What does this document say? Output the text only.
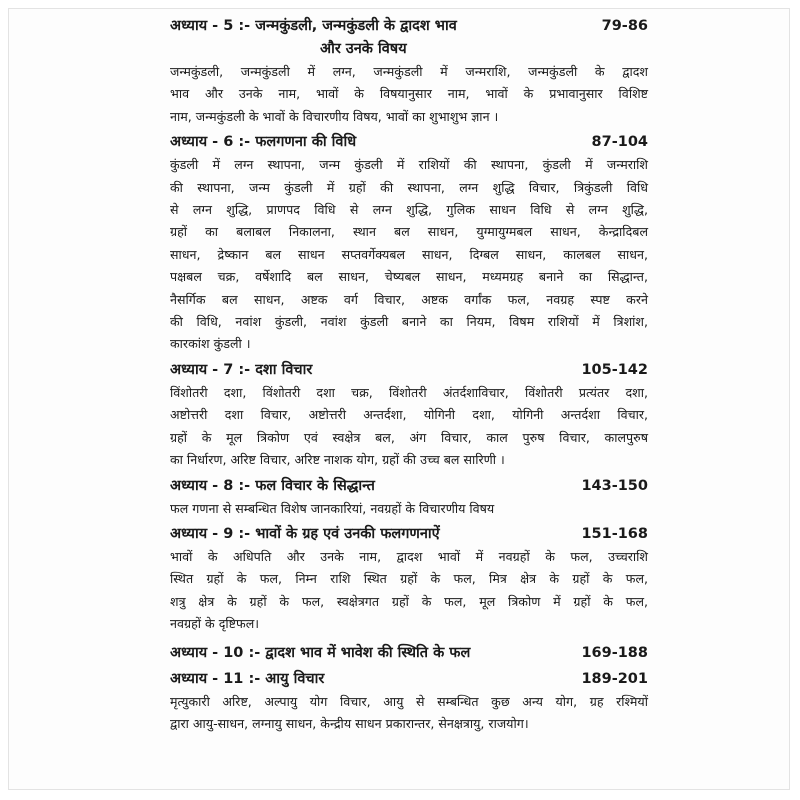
अध्याय - 5 :- जन्मकुंडली, जन्मकुंडली के द्वादश भाव	79-86
और उनके विषय
जन्मकुंडली, जन्मकुंडली में लग्न, जन्मकुंडली में जन्मराशि, जन्मकुंडली के द्वादश
भाव और उनके नाम, भावों के विषयानुसार नाम, भावों के प्रभावानुसार विशिष्ट
नाम, जन्मकुंडली के भावों के विचारणीय विषय, भावों का शुभाशुभ ज्ञान ।
अध्याय - 6 :- फलगणना की विधि	87-104
कुंडली में लग्न स्थापना, जन्म कुंडली में राशियों की स्थापना, कुंडली में जन्मराशि
की स्थापना, जन्म कुंडली में ग्रहों की स्थापना, लग्न शुद्धि विचार, त्रिकुंडली विधि
से लग्न शुद्धि, प्राणपद विधि से लग्न शुद्धि, गुलिक साधन विधि से लग्न शुद्धि,
ग्रहों का बलाबल निकालना, स्थान बल साधन, युग्मायुग्मबल साधन, केन्द्रादिबल
साधन, द्रेष्कान बल साधन सप्तवर्गेक्यबल साधन, दिग्बल साधन, कालबल साधन,
पक्षबल चक्र, वर्षेशादि बल साधन, चेष्यबल साधन, मध्यमग्रह बनाने का सिद्धान्त,
नैसर्गिक बल साधन, अष्टक वर्ग विचार, अष्टक वर्गांक फल, नवग्रह स्पष्ट करने
की विधि, नवांश कुंडली, नवांश कुंडली बनाने का नियम, विषम राशियों में त्रिशांश,
कारकांश कुंडली ।
अध्याय - 7 :- दशा विचार	105-142
विंशोतरी दशा, विंशोतरी दशा चक्र, विंशोतरी अंतर्दशाविचार, विंशोतरी प्रत्यंतर दशा,
अष्टोत्तरी दशा विचार, अष्टोत्तरी अन्तर्दशा, योगिनी दशा, योगिनी अन्तर्दशा विचार,
ग्रहों के मूल त्रिकोण एवं स्वक्षेत्र बल, अंग विचार, काल पुरुष विचार, कालपुरुष
का निर्धारण, अरिष्ट विचार, अरिष्ट नाशक योग, ग्रहों की उच्च बल सारिणी ।
अध्याय - 8 :- फल विचार के सिद्धान्त	143-150
फल गणना से सम्बन्धित विशेष जानकारियां, नवग्रहों के विचारणीय विषय
अध्याय - 9 :- भावों के ग्रह एवं उनकी फलगणनाऐं	151-168
भावों के अधिपति और उनके नाम, द्वादश भावों में नवग्रहों के फल, उच्चराशि
स्थित ग्रहों के फल, निम्न राशि स्थित ग्रहों के फल, मित्र क्षेत्र के ग्रहों के फल,
शत्रु क्षेत्र के ग्रहों के फल, स्वक्षेत्रगत ग्रहों के फल, मूल त्रिकोण में ग्रहों के फल,
नवग्रहों के दृष्टिफल।
अध्याय - 10 :- द्वादश भाव में भावेश की स्थिति के फल	169-188
अध्याय - 11 :- आयु विचार	189-201
मृत्युकारी अरिष्ट, अल्पायु योग विचार, आयु से सम्बन्धित कुछ अन्य योग, ग्रह रश्मियों
द्वारा आयु-साधन, लग्नायु साधन, केन्द्रीय साधन प्रकारान्तर, सेनक्षत्रायु, राजयोग।
